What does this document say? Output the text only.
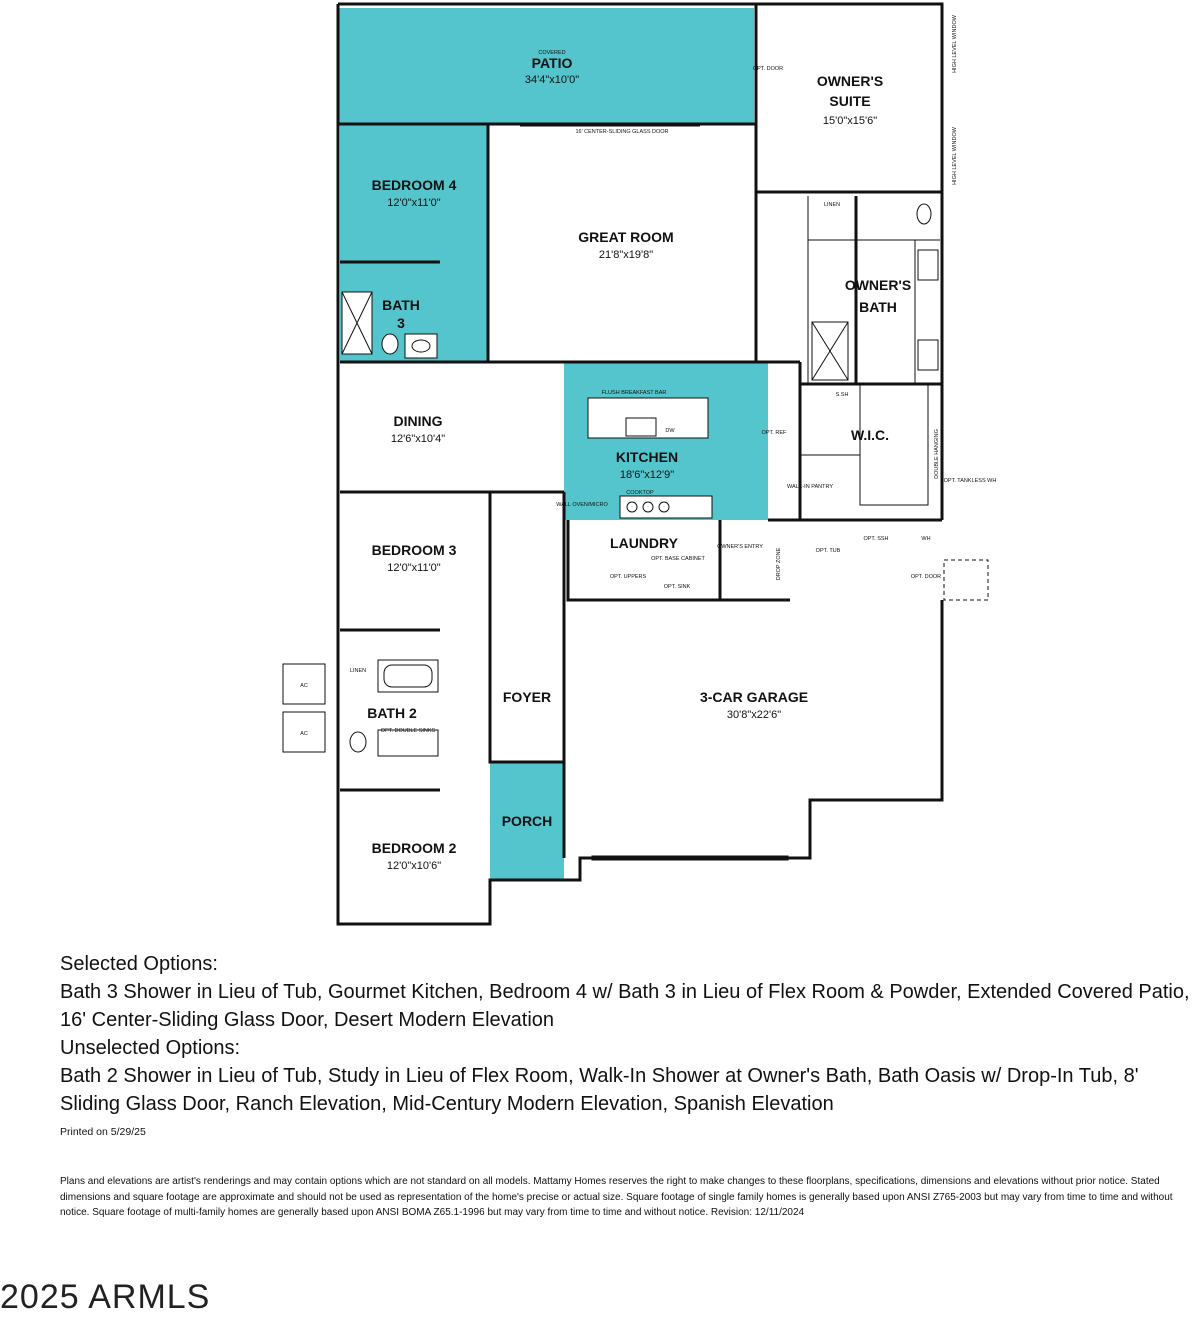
16' CENTER-SLIDING GLASS DOOR
AC
AC
OPT. DOOR
LINEN
FLUSH BREAKFAST BAR
DW	OPT. REF
COOKTOP
WALL OVEN/MICRO
WALK-IN PANTRY
OPT. TANKLESS WH
OPT. TUB
OPT. SSH	WH
OWNER'S ENTRY
OPT. BASE CABINET
OPT. UPPERS
OPT. SINK
LINEN
OPT. DOUBLE SINKS
S.SH
OPT. DOOR
HIGH LEVEL WINDOW
HIGH LEVEL WINDOW
DOUBLE HANGING
DROP ZONE
COVERED
PATIO
34'4"x10'0"	OWNER'S
SUITE
15'0"x15'6"
BEDROOM 4
12'0"x11'0"
GREAT ROOM
21'8"x19'8"
BATH
3
OWNER'S
BATH
DINING
12'6"x10'4"
KITCHEN
18'6"x12'9"
W.I.C.
BEDROOM 3
12'0"x11'0"
LAUNDRY
FOYER	3-CAR GARAGE
30'8"x22'6"
BATH 2
PORCH
BEDROOM 2
12'0"x10'6"

Selected Options:

Bath 3 Shower in Lieu of Tub, Gourmet Kitchen, Bedroom 4 w/ Bath 3 in Lieu of Flex Room & Powder, Extended Covered Patio, 16' Center-Sliding Glass Door, Desert Modern Elevation

Unselected Options:

Bath 2 Shower in Lieu of Tub, Study in Lieu of Flex Room, Walk-In Shower at Owner's Bath, Bath Oasis w/ Drop-In Tub, 8' Sliding Glass Door, Ranch Elevation, Mid-Century Modern Elevation, Spanish Elevation

Printed on 5/29/25
Plans and elevations are artist's renderings and may contain options which are not standard on all models. Mattamy Homes reserves the right to make changes to these floorplans, specifications, dimensions and elevations without prior notice. Stated dimensions and square footage are approximate and should not be used as representation of the home's precise or actual size. Square footage of single family homes is generally based upon ANSI Z765-2003 but may vary from time to time and without notice. Square footage of multi-family homes are generally based upon ANSI BOMA Z65.1-1996 but may vary from time to time and without notice. Revision: 12/11/2024
2025 ARMLS
